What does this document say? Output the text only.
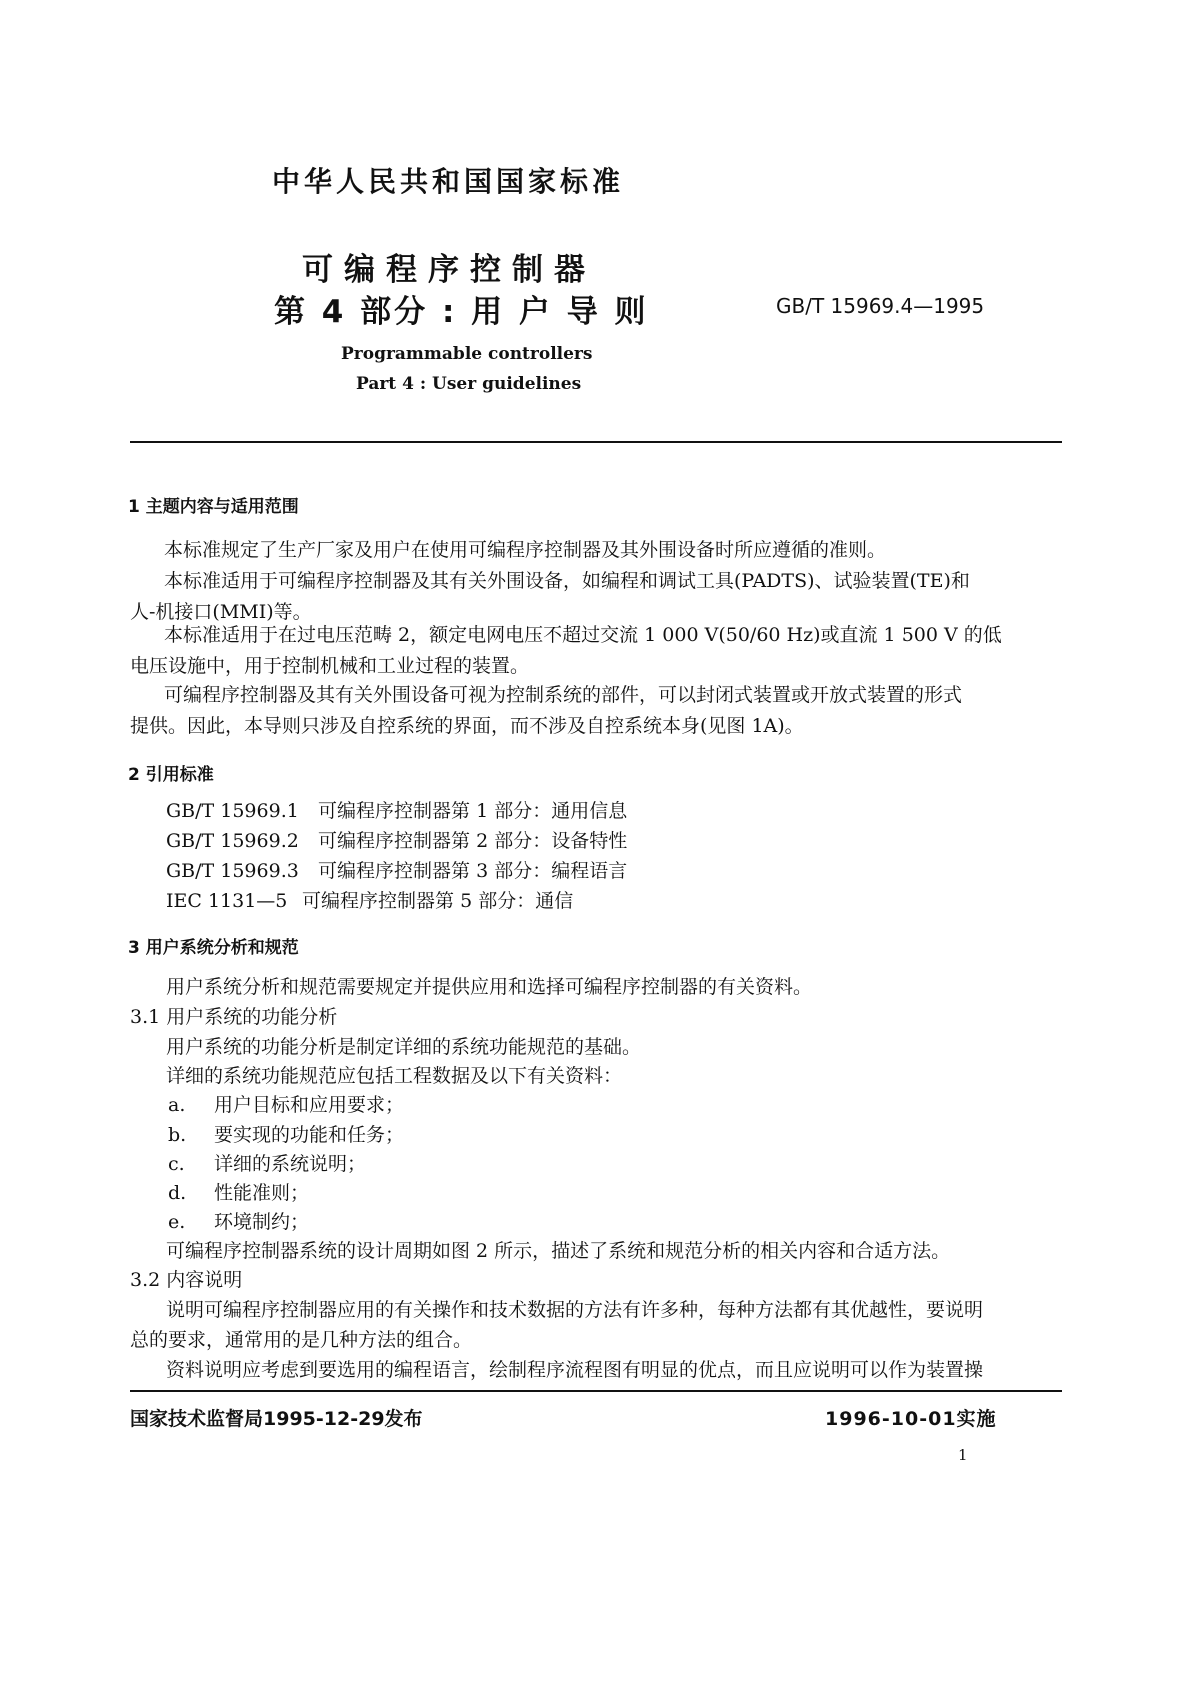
中华人民共和国国家标准
可编程序控制器
第 4 部分 : 用 户 导 则	GB/T 15969.4—1995
Programmable controllers
Part 4 : User guidelines
1 主题内容与适用范围
本标准规定了生产厂家及用户在使用可编程序控制器及其外围设备时所应遵循的准则。
本标准适用于可编程序控制器及其有关外围设备，如编程和调试工具(PADTS)、试验装置(TE)和
人-机接口(MMI)等。
本标准适用于在过电压范畴 2，额定电网电压不超过交流 1 000 V(50/60 Hz)或直流 1 500 V 的低
电压设施中，用于控制机械和工业过程的装置。
可编程序控制器及其有关外围设备可视为控制系统的部件，可以封闭式装置或开放式装置的形式
提供。因此，本导则只涉及自控系统的界面，而不涉及自控系统本身(见图 1A)。
2 引用标准
GB/T 15969.1 可编程序控制器第 1 部分：通用信息
GB/T 15969.2 可编程序控制器第 2 部分：设备特性
GB/T 15969.3 可编程序控制器第 3 部分：编程语言
IEC 1131—5 可编程序控制器第 5 部分：通信
3 用户系统分析和规范
用户系统分析和规范需要规定并提供应用和选择可编程序控制器的有关资料。
3.1 用户系统的功能分析
用户系统的功能分析是制定详细的系统功能规范的基础。
详细的系统功能规范应包括工程数据及以下有关资料：
a. 用户目标和应用要求；
b. 要实现的功能和任务；
c. 详细的系统说明；
d. 性能准则；
e. 环境制约；
可编程序控制器系统的设计周期如图 2 所示，描述了系统和规范分析的相关内容和合适方法。
3.2 内容说明
说明可编程序控制器应用的有关操作和技术数据的方法有许多种，每种方法都有其优越性，要说明
总的要求，通常用的是几种方法的组合。
资料说明应考虑到要选用的编程语言，绘制程序流程图有明显的优点，而且应说明可以作为装置操
国家技术监督局1995-12-29发布	1996-10-01实施
1
